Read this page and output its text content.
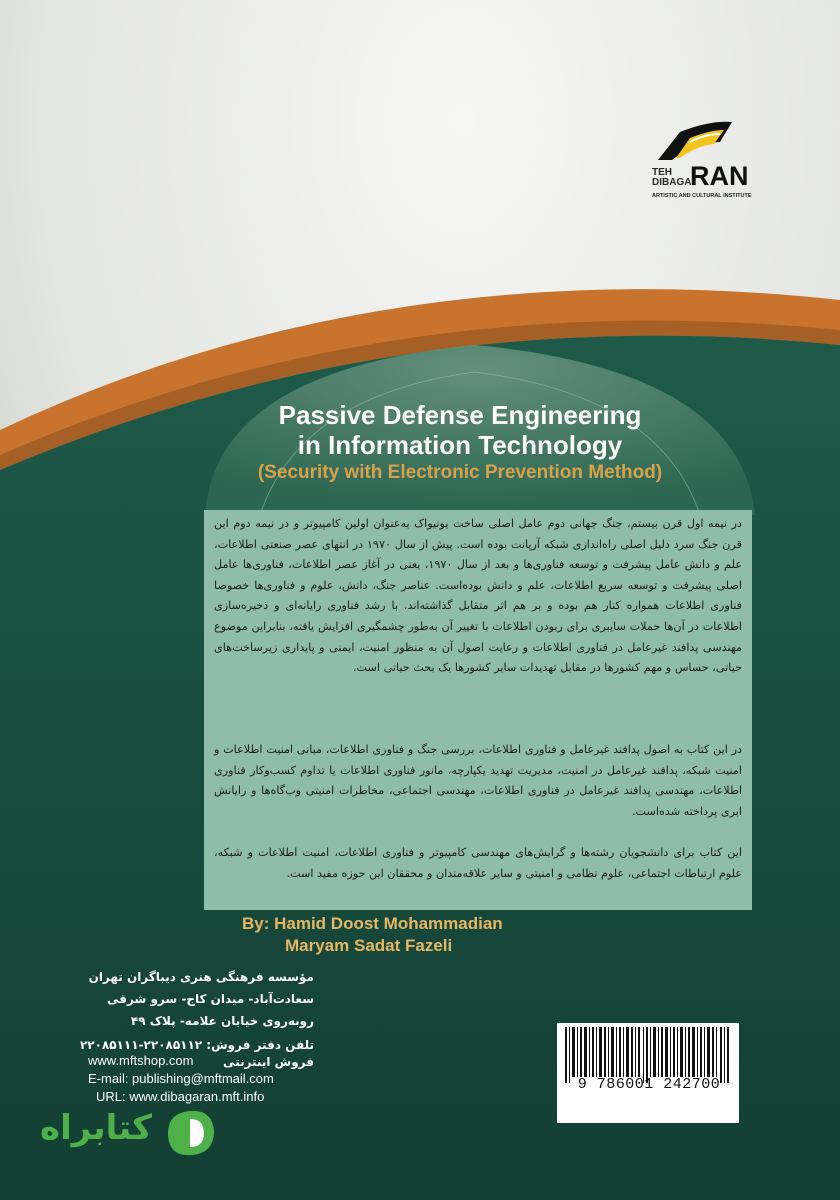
TEH
DIBAGA
RAN
ARTISTIC AND CULTURAL INSTITUTE
Passive Defense Engineering
in Information Technology
(Security with Electronic Prevention Method)

در نیمه اول قرن بیستم، جنگ جهانی دوم عامل اصلی ساخت یونیواک به‌عنوان اولین کامپیوتر و در نیمه دوم این قرن جنگ سرد دلیل اصلی راه‌اندازی شبکه آرپانت بوده است. پیش از سال ۱۹۷۰ در انتهای عصر صنعتی اطلاعات، علم و دانش عامل پیشرفت و توسعه فناوری‌ها و بعد از سال ۱۹۷۰، یعنی در آغاز عصر اطلاعات، فناوری‌ها عامل اصلی پیشرفت و توسعه سریع اطلاعات، علم و دانش بوده‌است. عناصر جنگ، دانش، علوم و فناوری‌ها خصوصا فناوری اطلاعات همواره کنار هم بوده و بر هم اثر متقابل گذاشته‌اند. با رشد فناوری رایانه‌ای و ذخیره‌سازی اطلاعات در آن‌ها حملات سایبری برای ربودن اطلاعات با تغییر آن به‌طور چشمگیری افزایش یافته، بنابراین موضوع مهندسی پدافند غیرعامل در فناوری اطلاعات و رعایت اصول آن به منظور امنیت، ایمنی و پایداری زیرساخت‌های حیاتی، حساس و مهم کشورها در مقابل تهدیدات سایر کشورها یک بحث حیاتی است.

در این کتاب به اصول پدافند غیرعامل و فناوری اطلاعات، بررسی جنگ و فناوری اطلاعات، مبانی امنیت اطلاعات و امنیت شبکه، پدافند غیرعامل در امنیت، مدیریت تهدید یکپارچه، مانور فناوری اطلاعات یا تداوم کسب‌وکار فناوری اطلاعات، مهندسی پدافند غیرعامل در فناوری اطلاعات، مهندسی اجتماعی، مخاطرات امنیتی وب‌گاه‌ها و رایانش ابری پرداخته شده‌است.

این کتاب برای دانشجویان رشته‌ها و گرایش‌های مهندسی کامپیوتر و فناوری اطلاعات، امنیت اطلاعات و شبکه، علوم ارتباطات اجتماعی، علوم نظامی و امنیتی و سایر علاقه‌مندان و محققان این حوزه مفید است.

By: Hamid Doost Mohammadian
Maryam Sadat Fazeli

مؤسسه فرهنگی هنری دیباگران تهران

سعادت‌آباد- میدان کاج- سرو شرقی

روبه‌روی خیابان علامه- پلاک ۴۹

تلفن دفتر فروش: ۲۲۰۸۵۱۱۲-۲۲۰۸۵۱۱۱

فروش اینترنتی

www.mftshop.com
E-mail: publishing@mftmail.com
URL: www.dibagaran.mft.info
9 786001 242700
کتابراه
